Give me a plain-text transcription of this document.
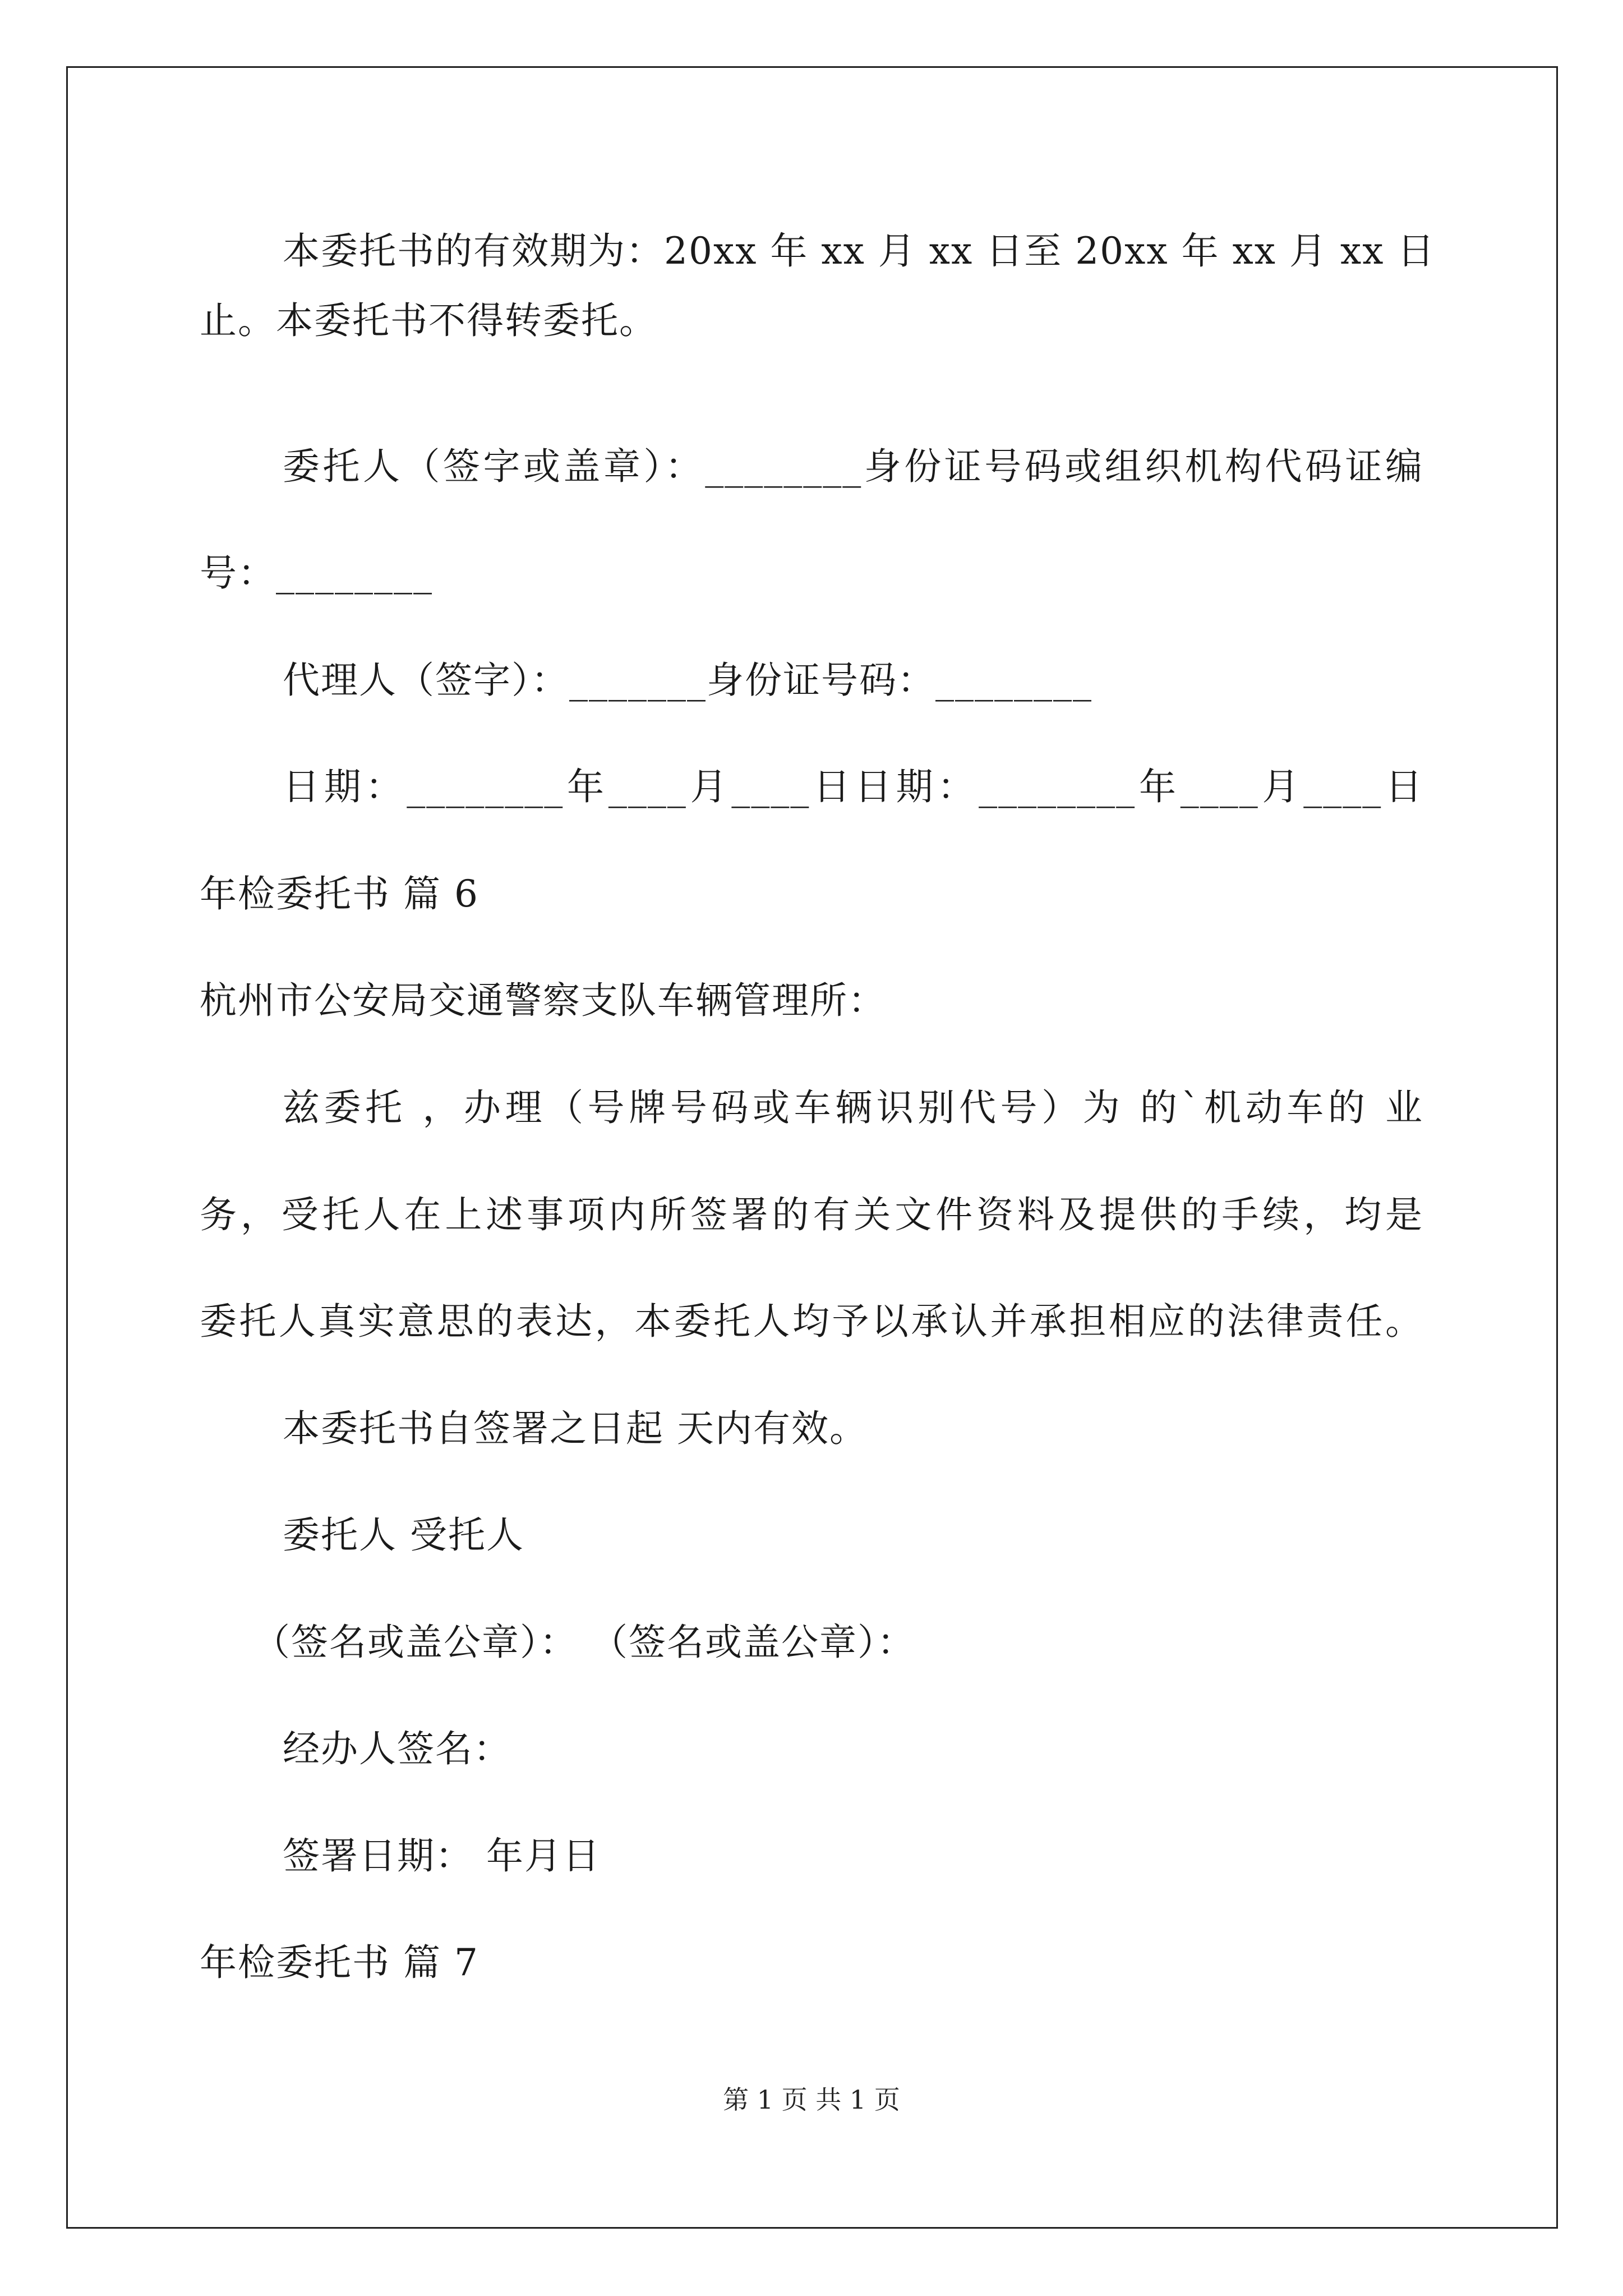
本委托书的有效期为：20xx 年 xx 月 xx 日至 20xx 年 xx 月 xx 日
止。本委托书不得转委托。
委托人（签字或盖章）：________身份证号码或组织机构代码证编
号：________
代理人（签字）：_______身份证号码：________
日期：________年____月____日日期：________年____月____日
年检委托书 篇 6
杭州市公安局交通警察支队车辆管理所：
兹委托 ，办理（号牌号码或车辆识别代号）为 的`机动车的 业
务，受托人在上述事项内所签署的有关文件资料及提供的手续，均是
委托人真实意思的表达，本委托人均予以承认并承担相应的法律责任。
本委托书自签署之日起 天内有效。
委托人 受托人
（签名或盖公章）： （签名或盖公章）：
经办人签名：
签署日期： 年月日
年检委托书 篇 7
第 1 页 共 1 页
